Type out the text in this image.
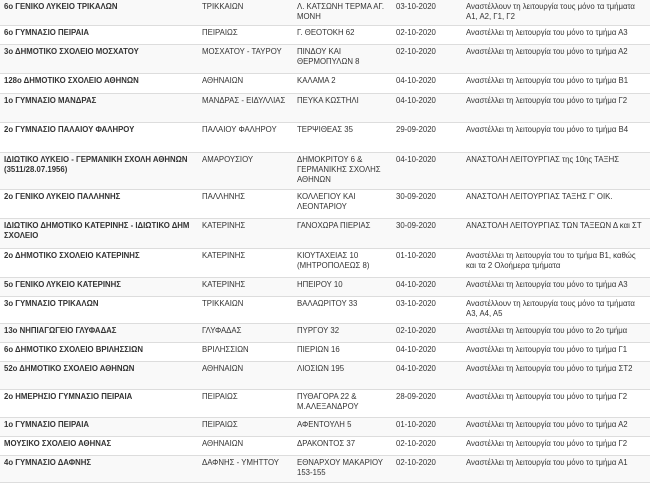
6ο ΓΕΝΙΚΟ ΛΥΚΕΙΟ ΤΡΙΚΑΛΩΝ	ΤΡΙΚΚΑΙΩΝ	Λ. ΚΑΤΣΩΝΗ ΤΕΡΜΑ ΑΓ. ΜΟΝΗ	03-10-2020	Αναστέλλουν τη λειτουργία τους μόνο τα τμήματα Α1, Α2, Γ1, Γ2
6ο ΓΥΜΝΑΣΙΟ ΠΕΙΡΑΙΑ	ΠΕΙΡΑΙΩΣ	Γ. ΘΕΟΤΟΚΗ 62	02-10-2020	Αναστέλλει τη λειτουργία του μόνο το τμήμα Α3
3ο ΔΗΜΟΤΙΚΟ ΣΧΟΛΕΙΟ ΜΟΣΧΑΤΟΥ	ΜΟΣΧΑΤΟΥ - ΤΑΥΡΟΥ	ΠΙΝΔΟΥ ΚΑΙ ΘΕΡΜΟΠΥΛΩΝ 8	02-10-2020	Αναστέλλει τη λειτουργία του μόνο το τμήμα Α2
128ο ΔΗΜΟΤΙΚΟ ΣΧΟΛΕΙΟ ΑΘΗΝΩΝ	ΑΘΗΝΑΙΩΝ	ΚΑΛΑΜΑ 2	04-10-2020	Αναστέλλει τη λειτουργία του μόνο το τμήμα Β1
1ο ΓΥΜΝΑΣΙΟ ΜΑΝΔΡΑΣ	ΜΑΝΔΡΑΣ - ΕΙΔΥΛΛΙΑΣ	ΠΕΥΚΑ ΚΩΣΤΗΛΙ	04-10-2020	Αναστέλλει τη λειτουργία του μόνο το τμήμα Γ2
2ο ΓΥΜΝΑΣΙΟ ΠΑΛΑΙΟΥ ΦΑΛΗΡΟΥ	ΠΑΛΑΙΟΥ ΦΑΛΗΡΟΥ	ΤΕΡΨΙΘΕΑΣ 35	29-09-2020	Αναστέλλει τη λειτουργία του μόνο το τμήμα Β4
ΙΔΙΩΤΙΚΟ ΛΥΚΕΙΟ - ΓΕΡΜΑΝΙΚΗ ΣΧΟΛΗ ΑΘΗΝΩΝ (3511/28.07.1956)	ΑΜΑΡΟΥΣΙΟΥ	ΔΗΜΟΚΡΙΤΟΥ 6 & ΓΕΡΜΑΝΙΚΗΣ ΣΧΟΛΗΣ ΑΘΗΝΩΝ	04-10-2020	ΑΝΑΣΤΟΛΗ ΛΕΙΤΟΥΡΓΙΑΣ της 10ης ΤΑΞΗΣ
2ο ΓΕΝΙΚΟ ΛΥΚΕΙΟ ΠΑΛΛΗΝΗΣ	ΠΑΛΛΗΝΗΣ	ΚΟΛΛΕΓΙΟΥ ΚΑΙ ΛΕΟΝΤΑΡΙΟΥ	30-09-2020	ΑΝΑΣΤΟΛΗ ΛΕΙΤΟΥΡΓΙΑΣ ΤΑΞΗΣ Γ' ΟΙΚ.
ΙΔΙΩΤΙΚΟ ΔΗΜΟΤΙΚΟ ΚΑΤΕΡΙΝΗΣ - ΙΔΙΩΤΙΚΟ ΔΗΜ ΣΧΟΛΕΙΟ	ΚΑΤΕΡΙΝΗΣ	ΓΑΝΟΧΩΡΑ ΠΙΕΡΙΑΣ	30-09-2020	ΑΝΑΣΤΟΛΗ ΛΕΙΤΟΥΡΓΙΑΣ ΤΩΝ ΤΑΞΕΩΝ Δ και ΣΤ
2ο ΔΗΜΟΤΙΚΟ ΣΧΟΛΕΙΟ ΚΑΤΕΡΙΝΗΣ	ΚΑΤΕΡΙΝΗΣ	ΚΙΟΥΤΑΧΕΙΑΣ 10 (ΜΗΤΡΟΠΟΛΕΩΣ 8)	01-10-2020	Αναστέλλει τη λειτουργία του το τμήμα Β1, καθώς και τα 2 Ολοήμερα τμήματα
5ο ΓΕΝΙΚΟ ΛΥΚΕΙΟ ΚΑΤΕΡΙΝΗΣ	ΚΑΤΕΡΙΝΗΣ	ΗΠΕΙΡΟΥ 10	04-10-2020	Αναστέλλει τη λειτουργία του μόνο το τμήμα Α3
3ο ΓΥΜΝΑΣΙΟ ΤΡΙΚΑΛΩΝ	ΤΡΙΚΚΑΙΩΝ	ΒΑΛΑΩΡΙΤΟΥ 33	03-10-2020	Αναστέλλουν τη λειτουργία τους μόνο τα τμήματα Α3, Α4, Α5
13ο ΝΗΠΙΑΓΩΓΕΙΟ ΓΛΥΦΑΔΑΣ	ΓΛΥΦΑΔΑΣ	ΠΥΡΓΟΥ 32	02-10-2020	Αναστέλλει τη λειτουργία του μόνο το 2ο τμήμα
6ο ΔΗΜΟΤΙΚΟ ΣΧΟΛΕΙΟ ΒΡΙΛΗΣΣΙΩΝ	ΒΡΙΛΗΣΣΙΩΝ	ΠΙΕΡΙΩΝ 16	04-10-2020	Αναστέλλει τη λειτουργία του μόνο το τμήμα Γ1
52ο ΔΗΜΟΤΙΚΟ ΣΧΟΛΕΙΟ ΑΘΗΝΩΝ	ΑΘΗΝΑΙΩΝ	ΛΙΟΣΙΩΝ 195	04-10-2020	Αναστέλλει τη λειτουργία του μόνο το τμήμα ΣΤ2
2ο ΗΜΕΡΗΣΙΟ ΓΥΜΝΑΣΙΟ ΠΕΙΡΑΙΑ	ΠΕΙΡΑΙΩΣ	ΠΥΘΑΓΟΡΑ 22 & Μ.ΑΛΕΞΑΝΔΡΟΥ	28-09-2020	Αναστέλλει τη λειτουργία του μόνο το τμήμα Γ2
1ο ΓΥΜΝΑΣΙΟ ΠΕΙΡΑΙΑ	ΠΕΙΡΑΙΩΣ	ΑΦΕΝΤΟΥΛΗ 5	01-10-2020	Αναστέλλει τη λειτουργία του μόνο το τμήμα Α2
ΜΟΥΣΙΚΟ ΣΧΟΛΕΙΟ ΑΘΗΝΑΣ	ΑΘΗΝΑΙΩΝ	ΔΡΑΚΟΝΤΟΣ 37	02-10-2020	Αναστέλλει τη λειτουργία του μόνο το τμήμα Γ2
4ο ΓΥΜΝΑΣΙΟ ΔΑΦΝΗΣ	ΔΑΦΝΗΣ - ΥΜΗΤΤΟΥ	ΕΘΝΑΡΧΟΥ ΜΑΚΑΡΙΟΥ 153-155	02-10-2020	Αναστέλλει τη λειτουργία του μόνο το τμήμα Α1
